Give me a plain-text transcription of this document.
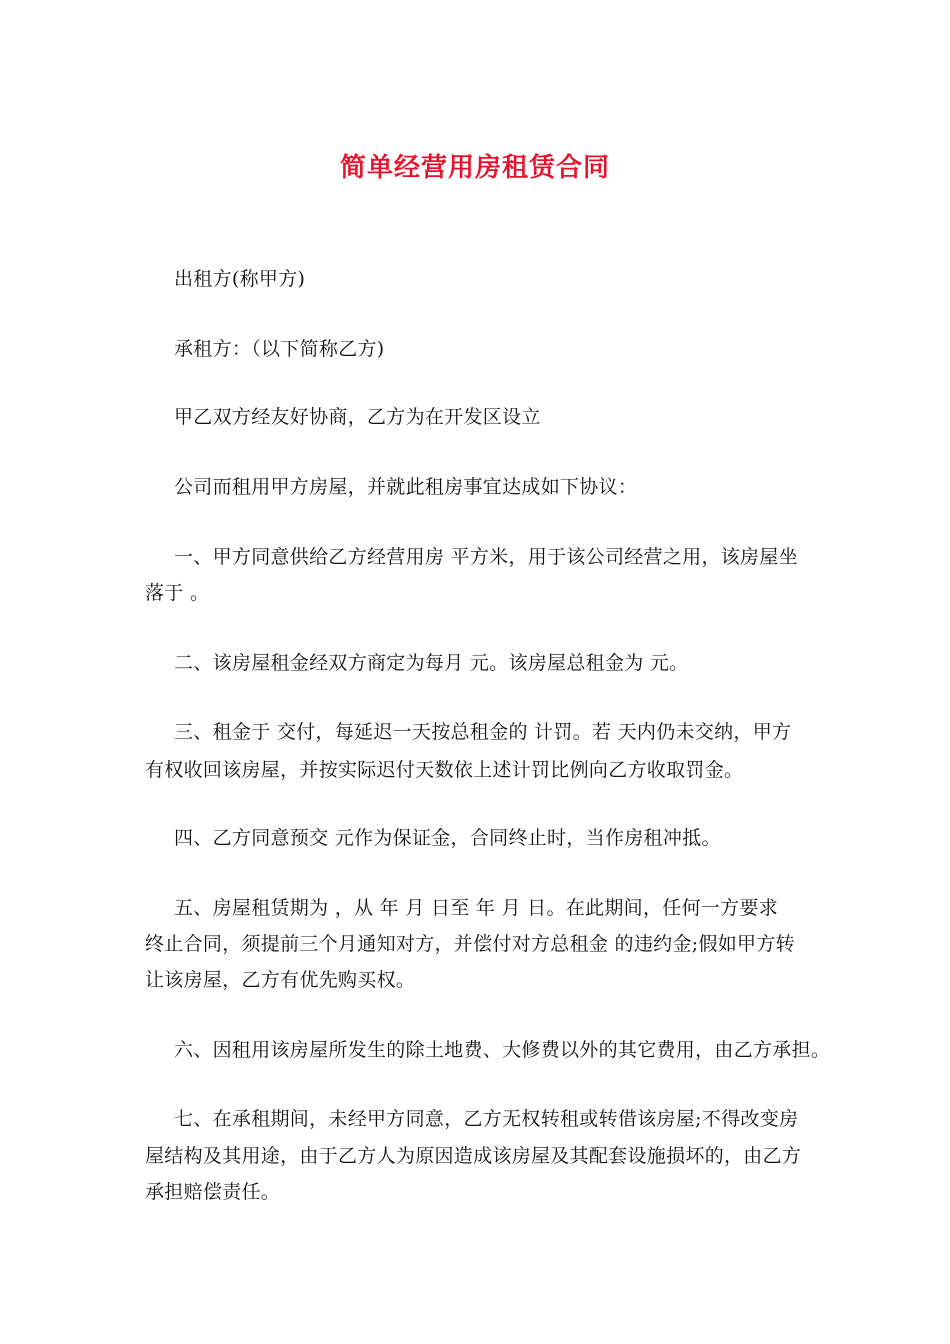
简单经营用房租赁合同
出租方(称甲方)
承租方：（以下简称乙方)
甲乙双方经友好协商，乙方为在开发区设立
公司而租用甲方房屋，并就此租房事宜达成如下协议：
一、甲方同意供给乙方经营用房 平方米，用于该公司经营之用，该房屋坐
落于 。
二、该房屋租金经双方商定为每月 元。该房屋总租金为 元。
三、租金于 交付，每延迟一天按总租金的 计罚。若 天内仍未交纳，甲方
有权收回该房屋，并按实际迟付天数依上述计罚比例向乙方收取罚金。
四、乙方同意预交 元作为保证金，合同终止时，当作房租冲抵。
五、房屋租赁期为 ，从 年 月 日至 年 月 日。在此期间，任何一方要求
终止合同，须提前三个月通知对方，并偿付对方总租金 的违约金;假如甲方转
让该房屋，乙方有优先购买权。
六、因租用该房屋所发生的除土地费、大修费以外的其它费用，由乙方承担。
七、在承租期间，未经甲方同意，乙方无权转租或转借该房屋;不得改变房
屋结构及其用途，由于乙方人为原因造成该房屋及其配套设施损坏的，由乙方
承担赔偿责任。
